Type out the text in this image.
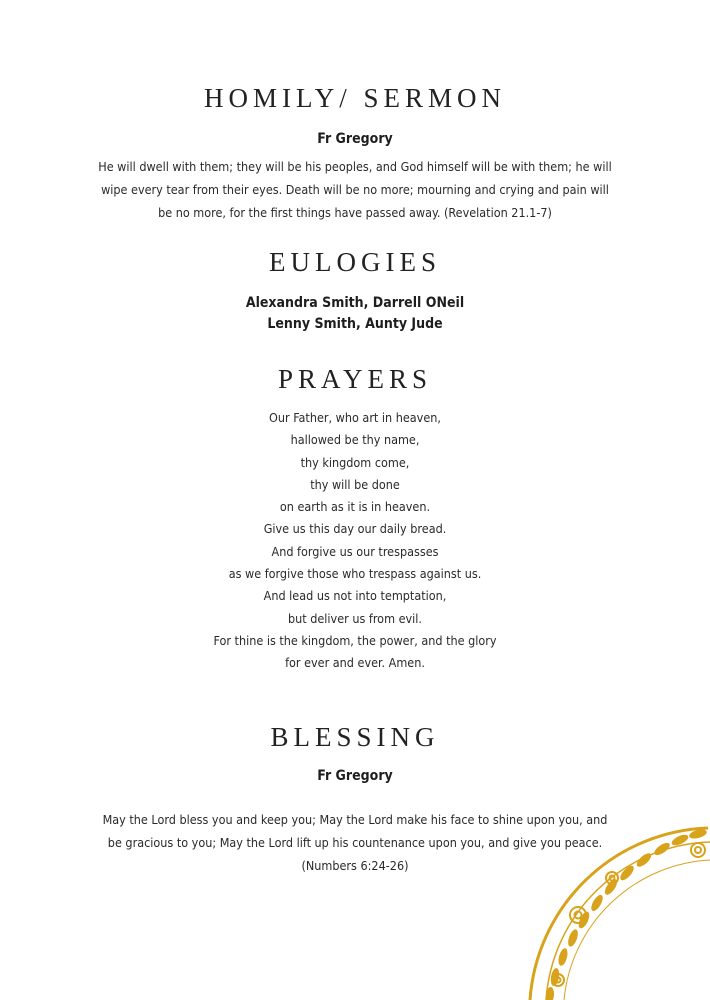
HOMILY/ SERMON
Fr Gregory
He will dwell with them; they will be his peoples, and God himself will be with them; he will
wipe every tear from their eyes. Death will be no more; mourning and crying and pain will
be no more, for the first things have passed away. (Revelation 21.1-7)
EULOGIES
Alexandra Smith, Darrell ONeil
Lenny Smith, Aunty Jude
PRAYERS
Our Father, who art in heaven,
hallowed be thy name,
thy kingdom come,
thy will be done
on earth as it is in heaven.
Give us this day our daily bread.
And forgive us our trespasses
as we forgive those who trespass against us.
And lead us not into temptation,
but deliver us from evil.
For thine is the kingdom, the power, and the glory
for ever and ever. Amen.
BLESSING
Fr Gregory
May the Lord bless you and keep you; May the Lord make his face to shine upon you, and
be gracious to you; May the Lord lift up his countenance upon you, and give you peace.
(Numbers 6:24-26)
